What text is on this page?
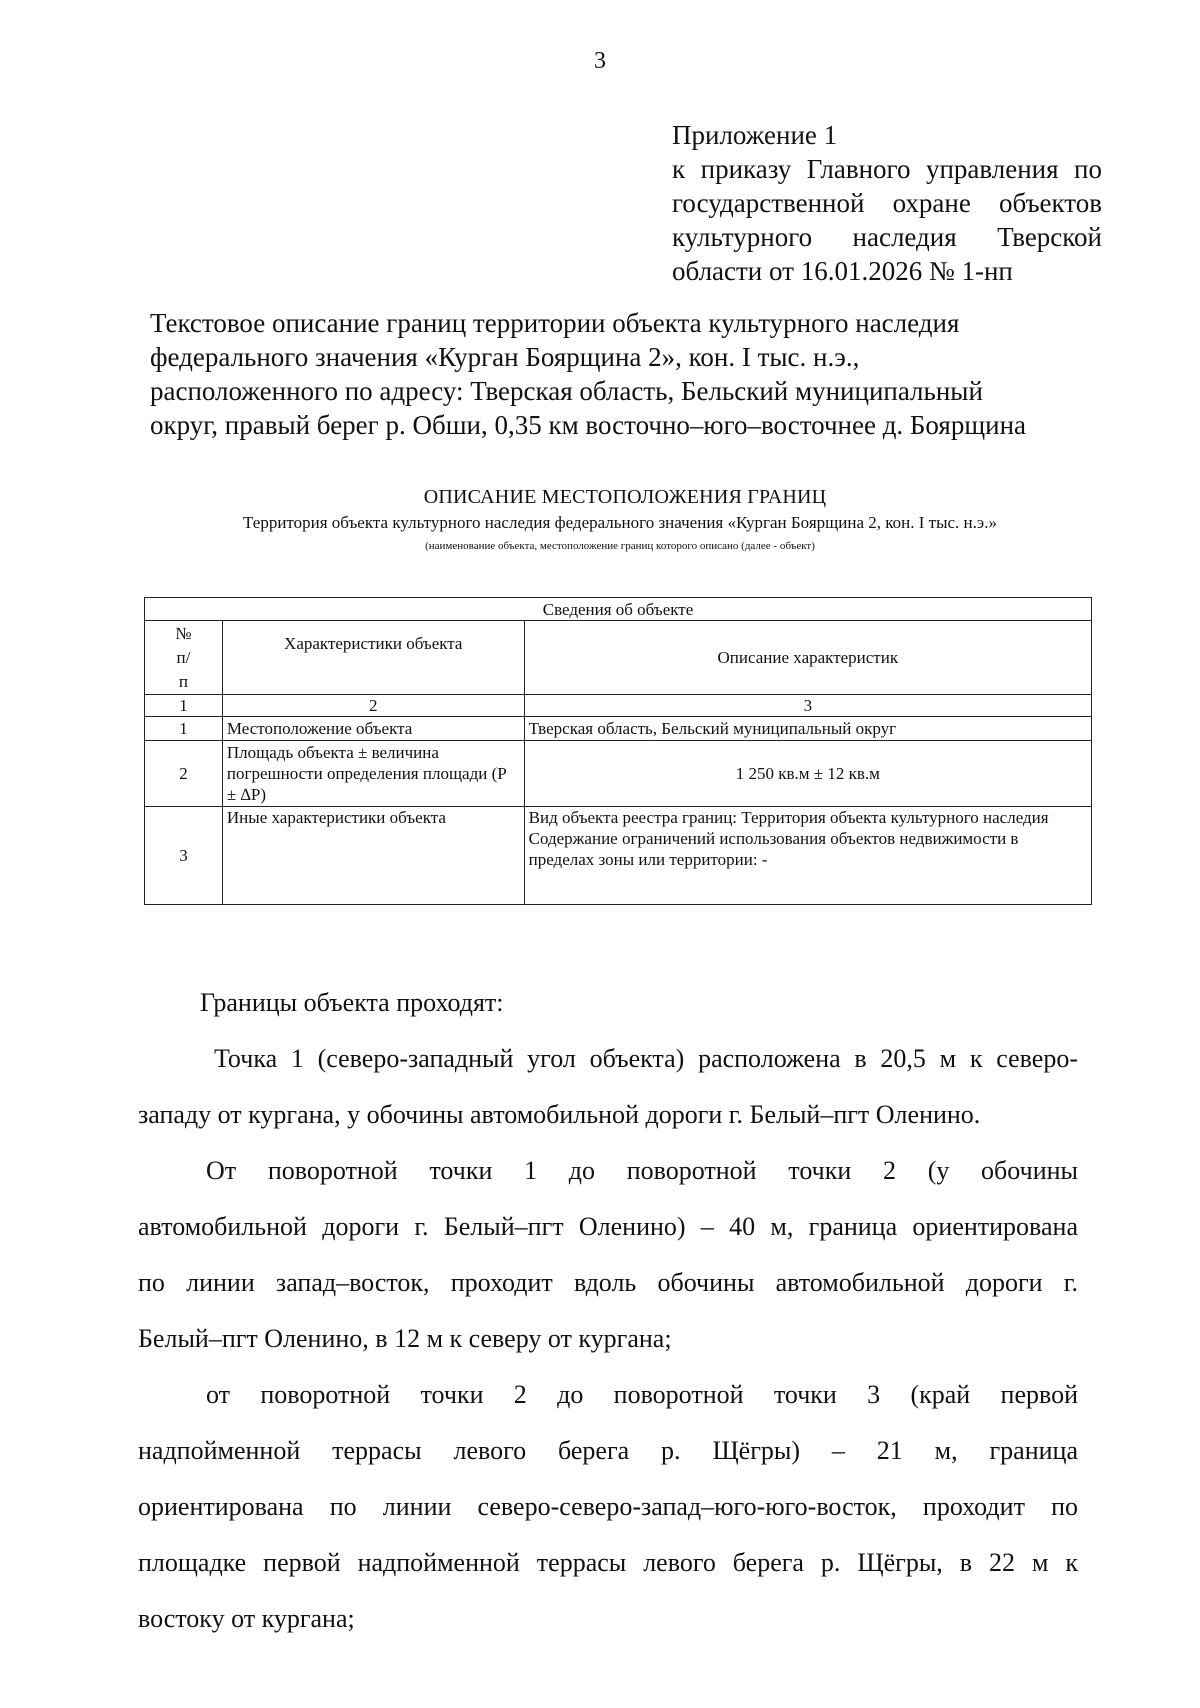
3
Приложение 1
к приказу Главного управления по
государственной охране объектов
культурного наследия Тверской
области от 16.01.2026 № 1-нп
Текстовое описание границ территории объекта культурного наследия
федерального значения «Курган Боярщина 2», кон. I тыс. н.э.,
расположенного по адресу: Тверская область, Бельский муниципальный
округ, правый берег р. Обши, 0,35 км восточно–юго–восточнее д. Боярщина
ОПИСАНИЕ МЕСТОПОЛОЖЕНИЯ ГРАНИЦ
Территория объекта культурного наследия федерального значения «Курган Боярщина 2, кон. I тыс. н.э.»
(наименование объекта, местоположение границ которого описано (далее - объект)
Сведения об объекте		
№
п/
п	Характеристики объекта	Описание характеристик
1	2	3
1	Местоположение объекта	Тверская область, Бельский муниципальный округ
2	Площадь объекта ± величина погрешности определения площади (Р ± ∆Р)	1 250 кв.м ± 12 кв.м
3	Иные характеристики объекта	Вид объекта реестра границ: Территория объекта культурного наследия
Содержание ограничений использования объектов недвижимости в пределах зоны или территории: -

Границы объекта проходят:

Точка 1 (северо-западный угол объекта) расположена в 20,5 м к северо-
западу от кургана, у обочины автомобильной дороги г. Белый–пгт Оленино.

От поворотной точки 1 до поворотной точки 2 (у обочины
автомобильной дороги г. Белый–пгт Оленино) – 40 м, граница ориентирована
по линии запад–восток, проходит вдоль обочины автомобильной дороги г.
Белый–пгт Оленино, в 12 м к северу от кургана;

от поворотной точки 2 до поворотной точки 3 (край первой
надпойменной террасы левого берега р. Щёгры) – 21 м, граница
ориентирована по линии северо-северо-запад–юго-юго-восток, проходит по
площадке первой надпойменной террасы левого берега р. Щёгры, в 22 м к
востоку от кургана;
